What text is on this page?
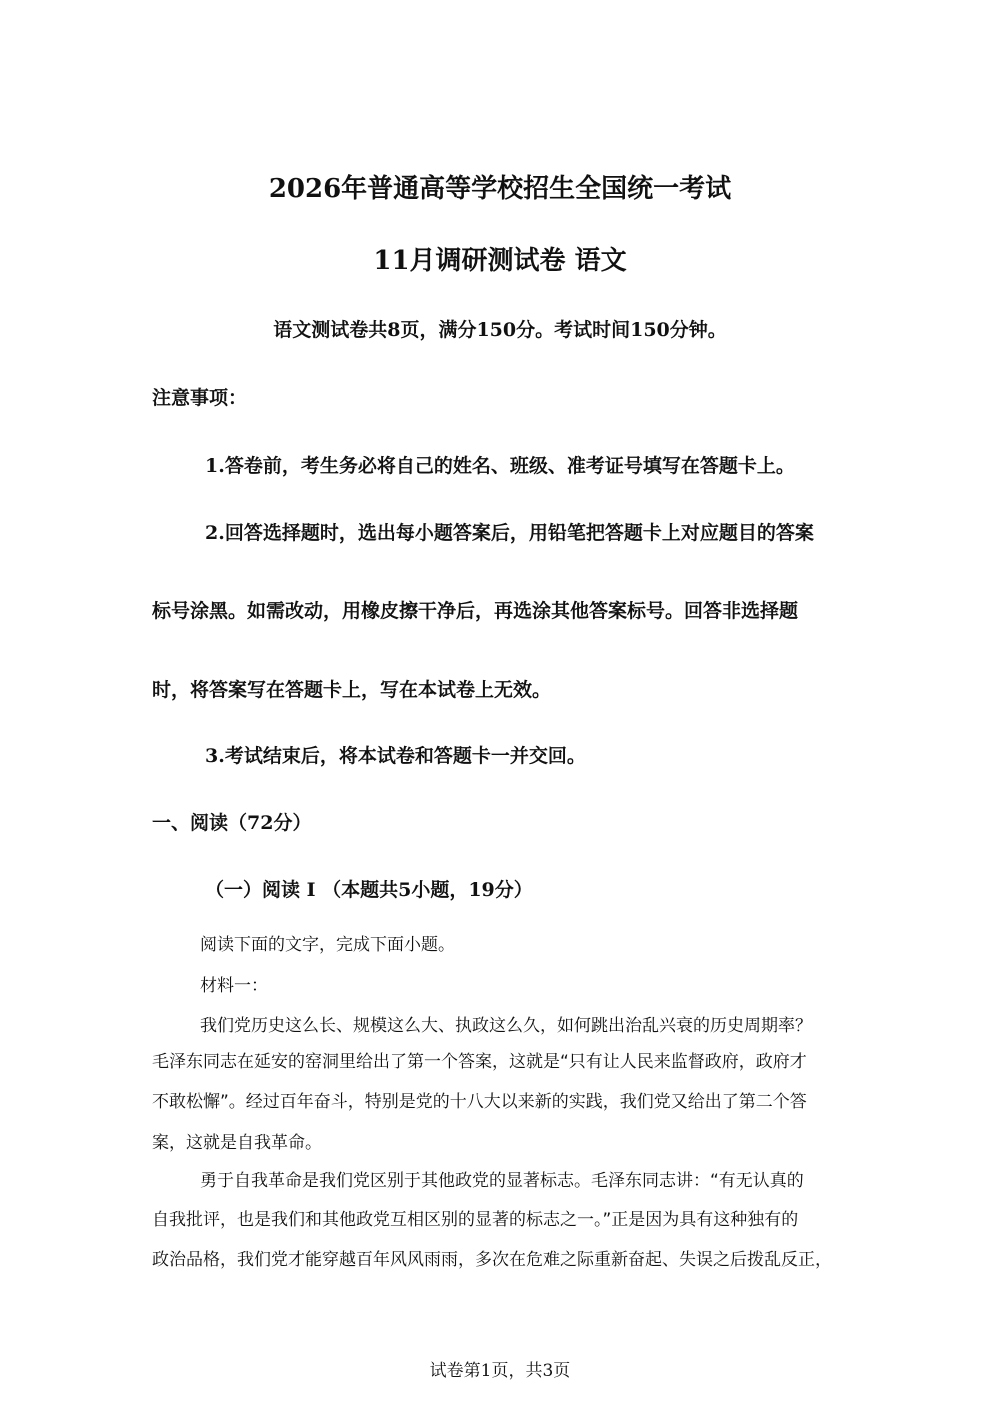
2026年普通高等学校招生全国统一考试
11月调研测试卷 语文
语文测试卷共8页，满分150分。考试时间150分钟。
注意事项：
1.答卷前，考生务必将自己的姓名、班级、准考证号填写在答题卡上。
2.回答选择题时，选出每小题答案后，用铅笔把答题卡上对应题目的答案
标号涂黑。如需改动，用橡皮擦干净后，再选涂其他答案标号。回答非选择题
时，将答案写在答题卡上，写在本试卷上无效。
3.考试结束后，将本试卷和答题卡一并交回。
一、阅读（72分）
（一）阅读 I （本题共5小题，19分）
阅读下面的文字，完成下面小题。
材料一：
我们党历史这么长、规模这么大、执政这么久，如何跳出治乱兴衰的历史周期率？
毛泽东同志在延安的窑洞里给出了第一个答案，这就是“只有让人民来监督政府，政府才
不敢松懈”。经过百年奋斗，特别是党的十八大以来新的实践，我们党又给出了第二个答
案，这就是自我革命。
勇于自我革命是我们党区别于其他政党的显著标志。毛泽东同志讲：“有无认真的
自我批评，也是我们和其他政党互相区别的显著的标志之一。”正是因为具有这种独有的
政治品格，我们党才能穿越百年风风雨雨，多次在危难之际重新奋起、失误之后拨乱反正，
试卷第1页，共3页
